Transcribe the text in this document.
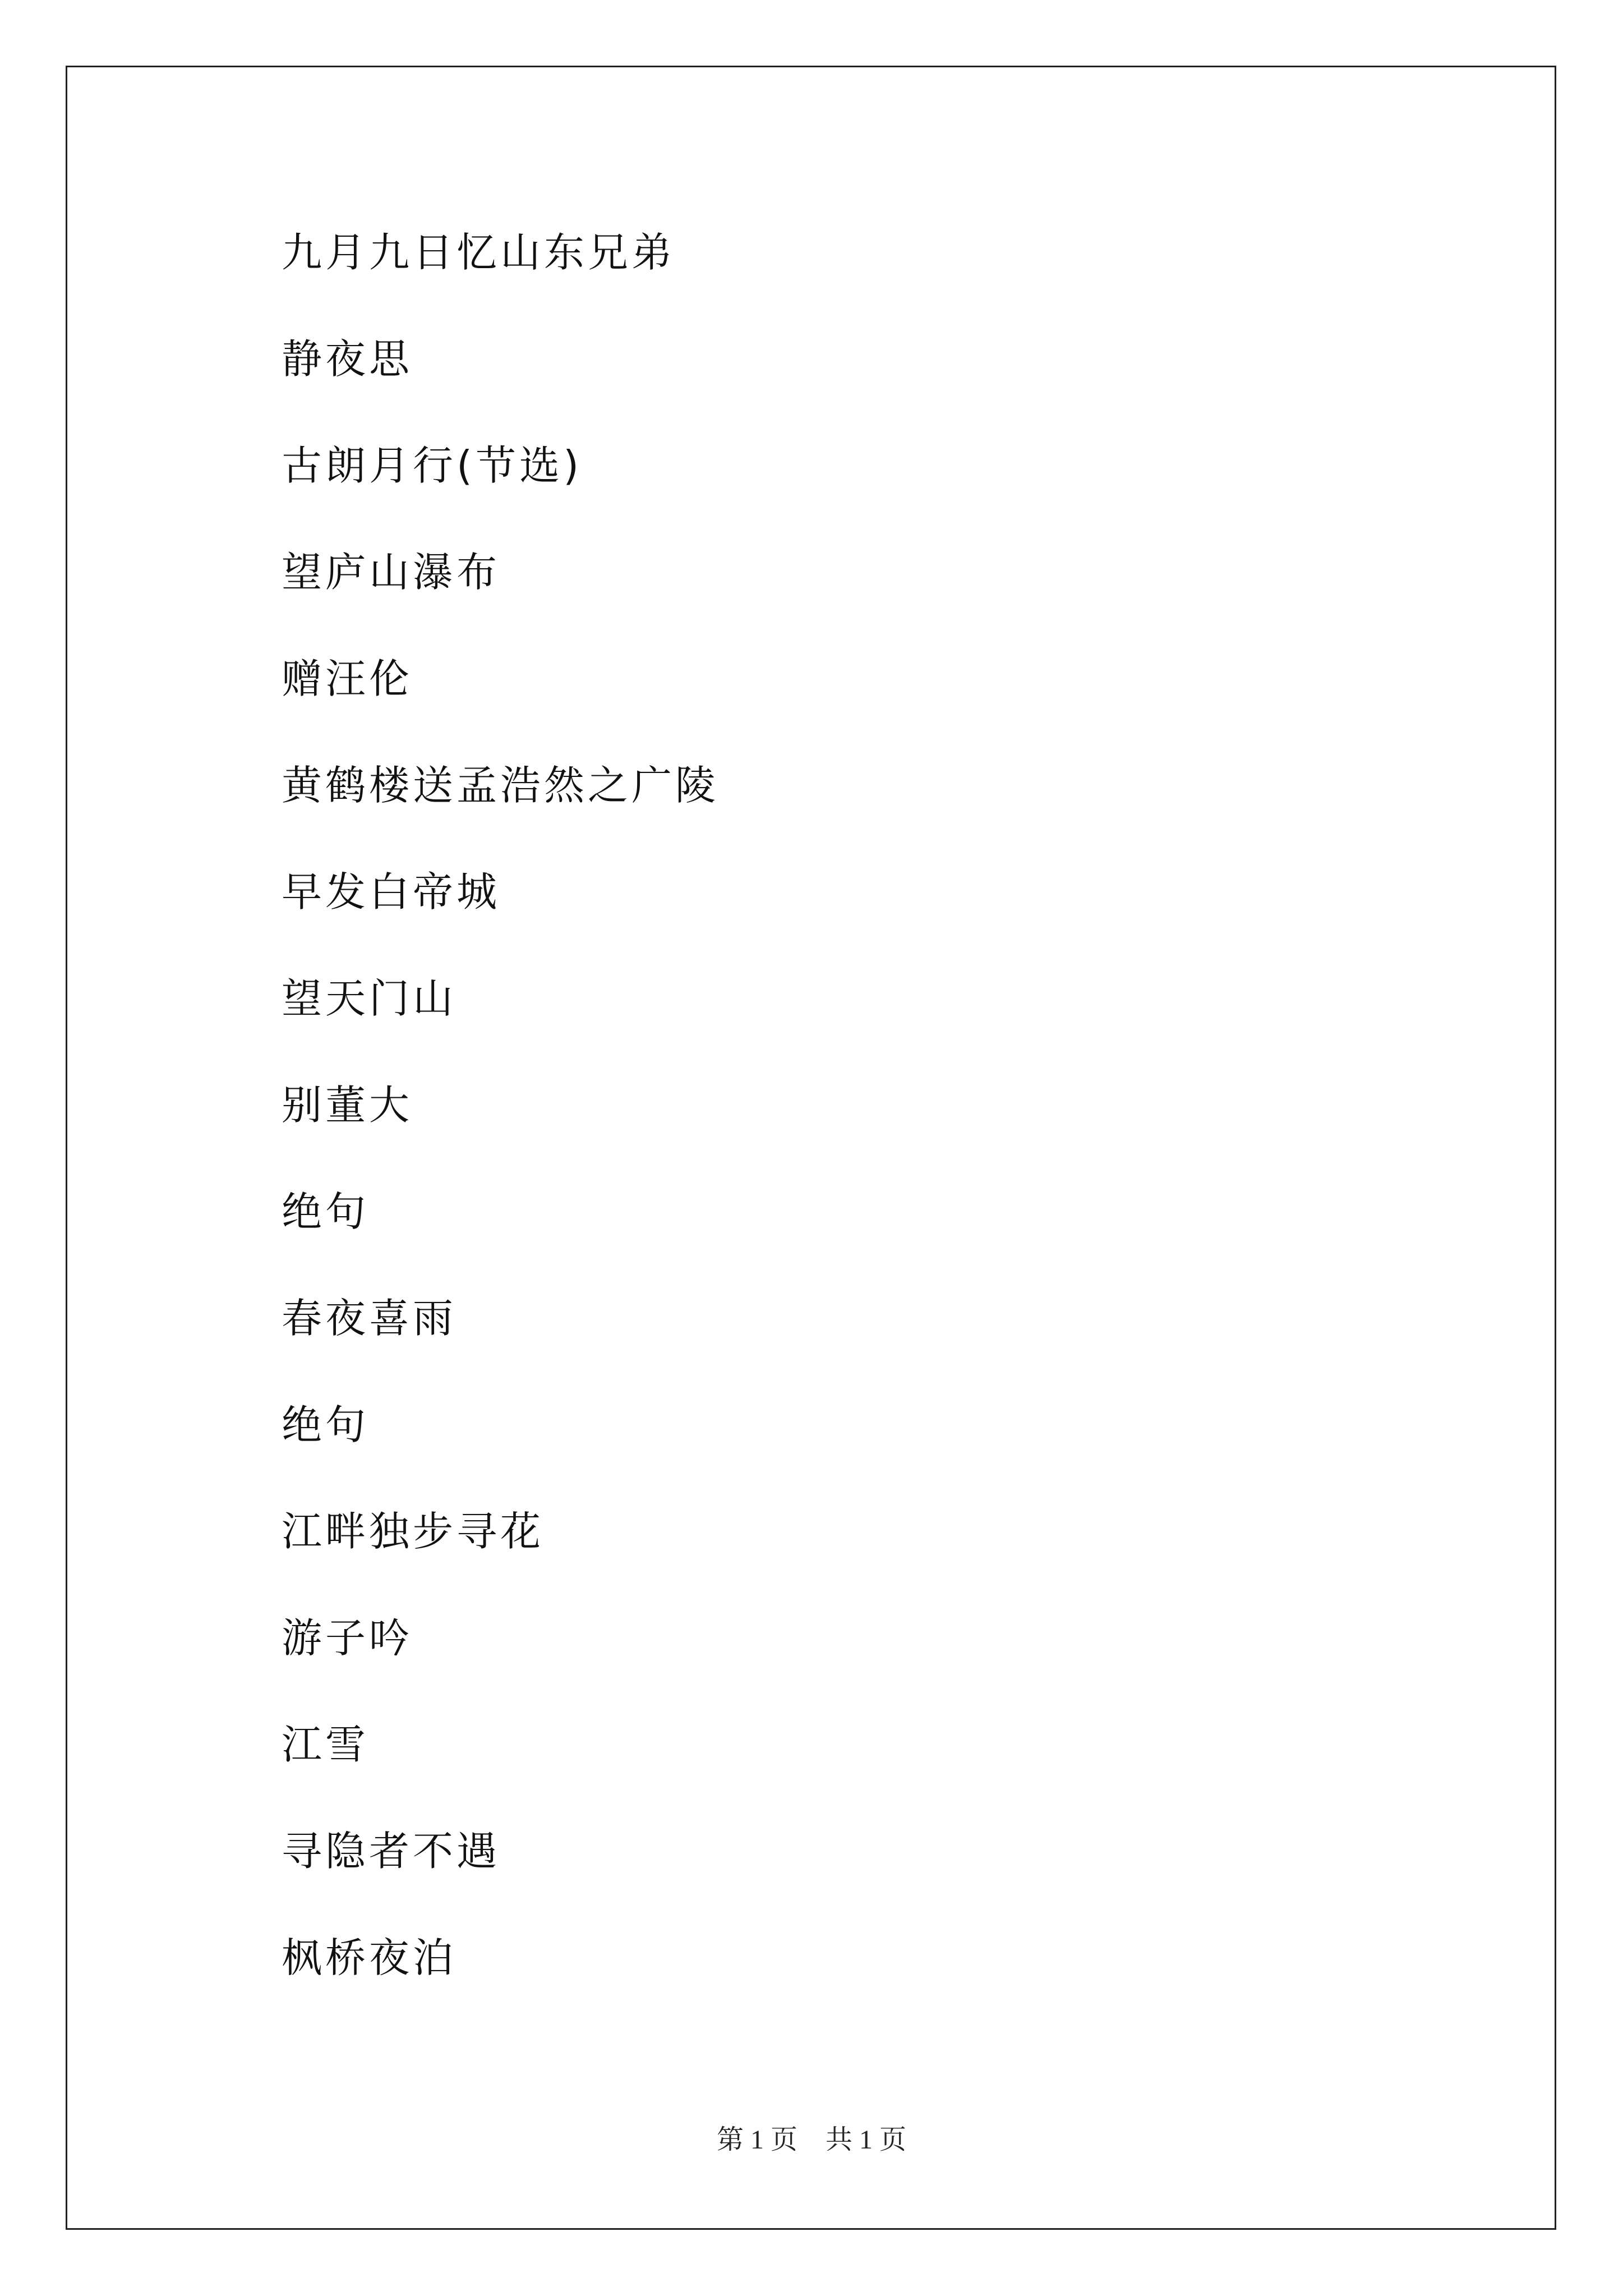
九月九日忆山东兄弟
静夜思
古朗月行(节选)
望庐山瀑布
赠汪伦
黄鹤楼送孟浩然之广陵
早发白帝城
望天门山
别董大
绝句
春夜喜雨
绝句
江畔独步寻花
游子吟
江雪
寻隐者不遇
枫桥夜泊
第 1 页 共 1 页
